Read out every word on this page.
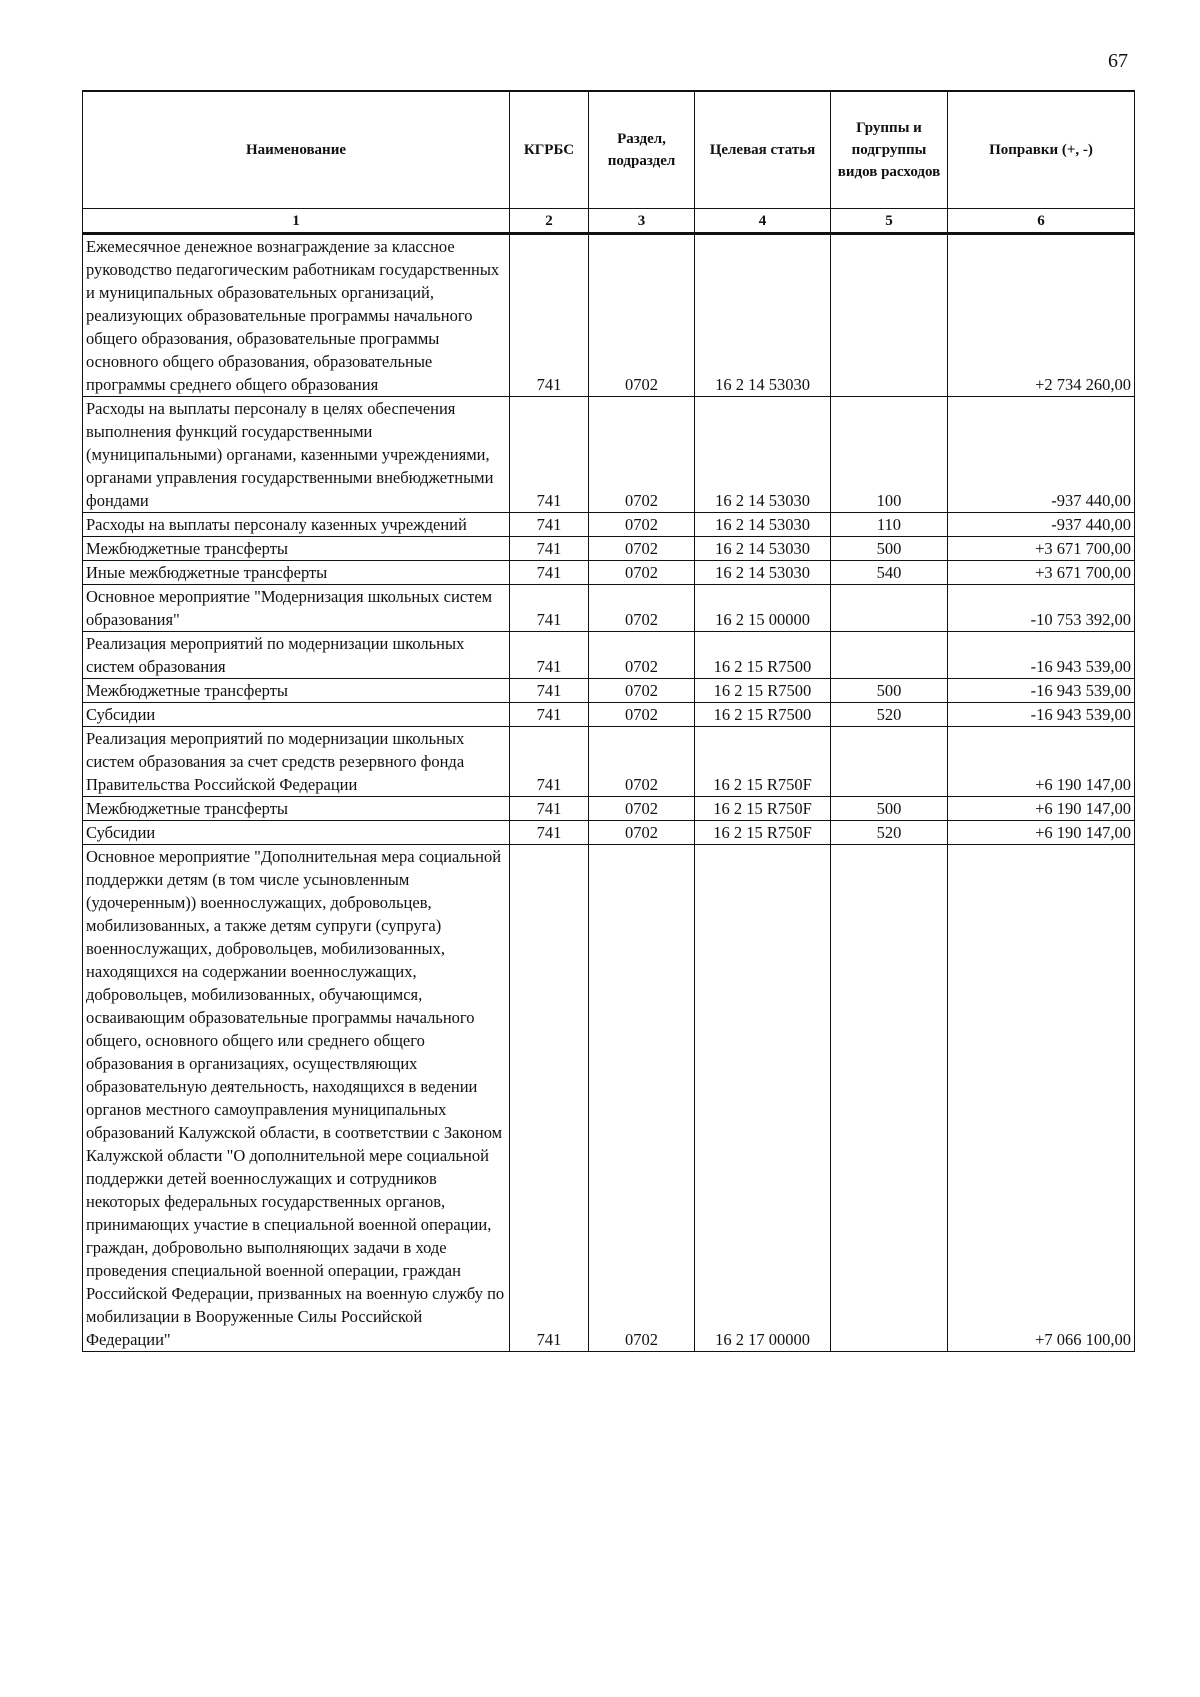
67
Наименование	КГРБС	Раздел, подраздел	Целевая статья	Группы и подгруппы видов расходов	Поправки (+, -)
1	2	3	4	5	6
Ежемесячное денежное вознаграждение за классное руководство педагогическим работникам государственных и муниципальных образовательных организаций, реализующих образовательные программы начального общего образования, образовательные программы основного общего образования, образовательные программы среднего общего образования	741	0702	16 2 14 53030		+2 734 260,00
Расходы на выплаты персоналу в целях обеспечения выполнения функций государственными (муниципальными) органами, казенными учреждениями, органами управления государственными внебюджетными фондами	741	0702	16 2 14 53030	100	-937 440,00
Расходы на выплаты персоналу казенных учреждений	741	0702	16 2 14 53030	110	-937 440,00
Межбюджетные трансферты	741	0702	16 2 14 53030	500	+3 671 700,00
Иные межбюджетные трансферты	741	0702	16 2 14 53030	540	+3 671 700,00
Основное мероприятие "Модернизация школьных систем образования"	741	0702	16 2 15 00000		-10 753 392,00
Реализация мероприятий по модернизации школьных систем образования	741	0702	16 2 15 R7500		-16 943 539,00
Межбюджетные трансферты	741	0702	16 2 15 R7500	500	-16 943 539,00
Субсидии	741	0702	16 2 15 R7500	520	-16 943 539,00
Реализация мероприятий по модернизации школьных систем образования за счет средств резервного фонда Правительства Российской Федерации	741	0702	16 2 15 R750F		+6 190 147,00
Межбюджетные трансферты	741	0702	16 2 15 R750F	500	+6 190 147,00
Субсидии	741	0702	16 2 15 R750F	520	+6 190 147,00
Основное мероприятие "Дополнительная мера социальной поддержки детям (в том числе усыновленным (удочеренным)) военнослужащих, добровольцев, мобилизованных, а также детям супруги (супруга) военнослужащих, добровольцев, мобилизованных, находящихся на содержании военнослужащих, добровольцев, мобилизованных, обучающимся, осваивающим образовательные программы начального общего, основного общего или среднего общего образования в организациях, осуществляющих образовательную деятельность, находящихся в ведении органов местного самоуправления муниципальных образований Калужской области, в соответствии с Законом Калужской области "О дополнительной мере социальной поддержки детей военнослужащих и сотрудников некоторых федеральных государственных органов, принимающих участие в специальной военной операции, граждан, добровольно выполняющих задачи в ходе проведения специальной военной операции, граждан Российской Федерации, призванных на военную службу по мобилизации в Вооруженные Силы Российской Федерации"	741	0702	16 2 17 00000		+7 066 100,00
